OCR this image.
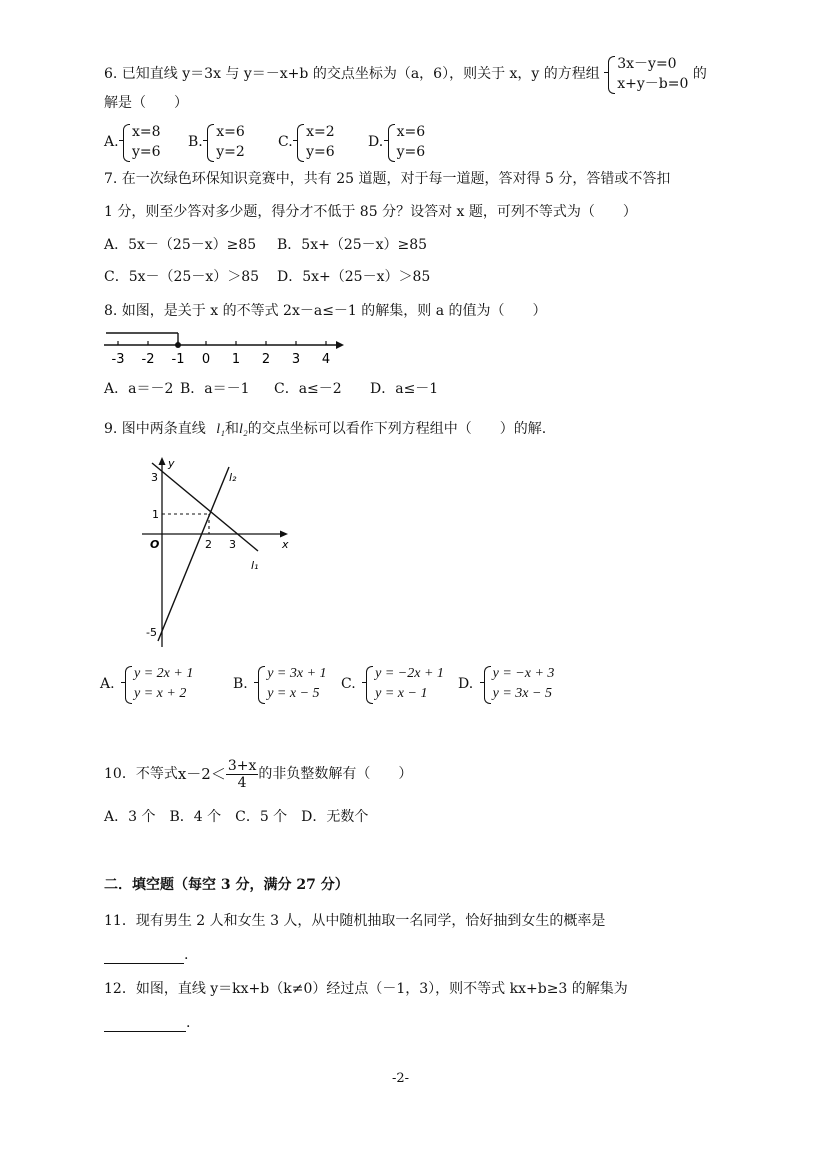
6. 已知直线 y＝3x 与 y＝－x+b 的交点坐标为（a，6），则关于 x，y 的方程组
3x－y=0
x+y－b=0
的
解是（　　）
A.
x=8
y=6
B.
x=6
y=2
C.
x=2
y=6
D.
x=6
y=6
7. 在一次绿色环保知识竞赛中，共有 25 道题，对于每一道题，答对得 5 分，答错或不答扣
1 分，则至少答对多少题，得分才不低于 85 分？设答对 x 题，可列不等式为（　　）
A．5x－（25－x）≥85 B．5x+（25－x）≥85
C．5x－（25－x）＞85 D．5x+（25－x）＞85
8. 如图，是关于 x 的不等式 2x－a≤－1 的解集，则 a 的值为（　　）
-3 -2 -1 0 1 2 3 4
A．a＝－2 B．a＝－1 C．a≤－2 D．a≤－1
9. 图中两条直线 l₁和l₂的交点坐标可以看作下列方程组中（　　）的解.
y
x
O
3
1
-5
2 3
l₁
l₂
A.
y = 2x + 1
y = x + 2
B.
y = 3x + 1
y = x − 5
C.
y = −2x + 1
y = x − 1
D.
y = −x + 3
y = 3x − 5
10．不等式$x-2< \frac{3+x}{4}$ 的非负整数解有（　　）
A．3 个　B．4 个　C．5 个　D．无数个
二．填空题（每空 3 分，满分 27 分）
11．现有男生 2 人和女生 3 人，从中随机抽取一名同学，恰好抽到女生的概率是
.
12．如图，直线 y＝kx+b（k≠0）经过点（－1，3），则不等式 kx+b≥3 的解集为
.
-2-
